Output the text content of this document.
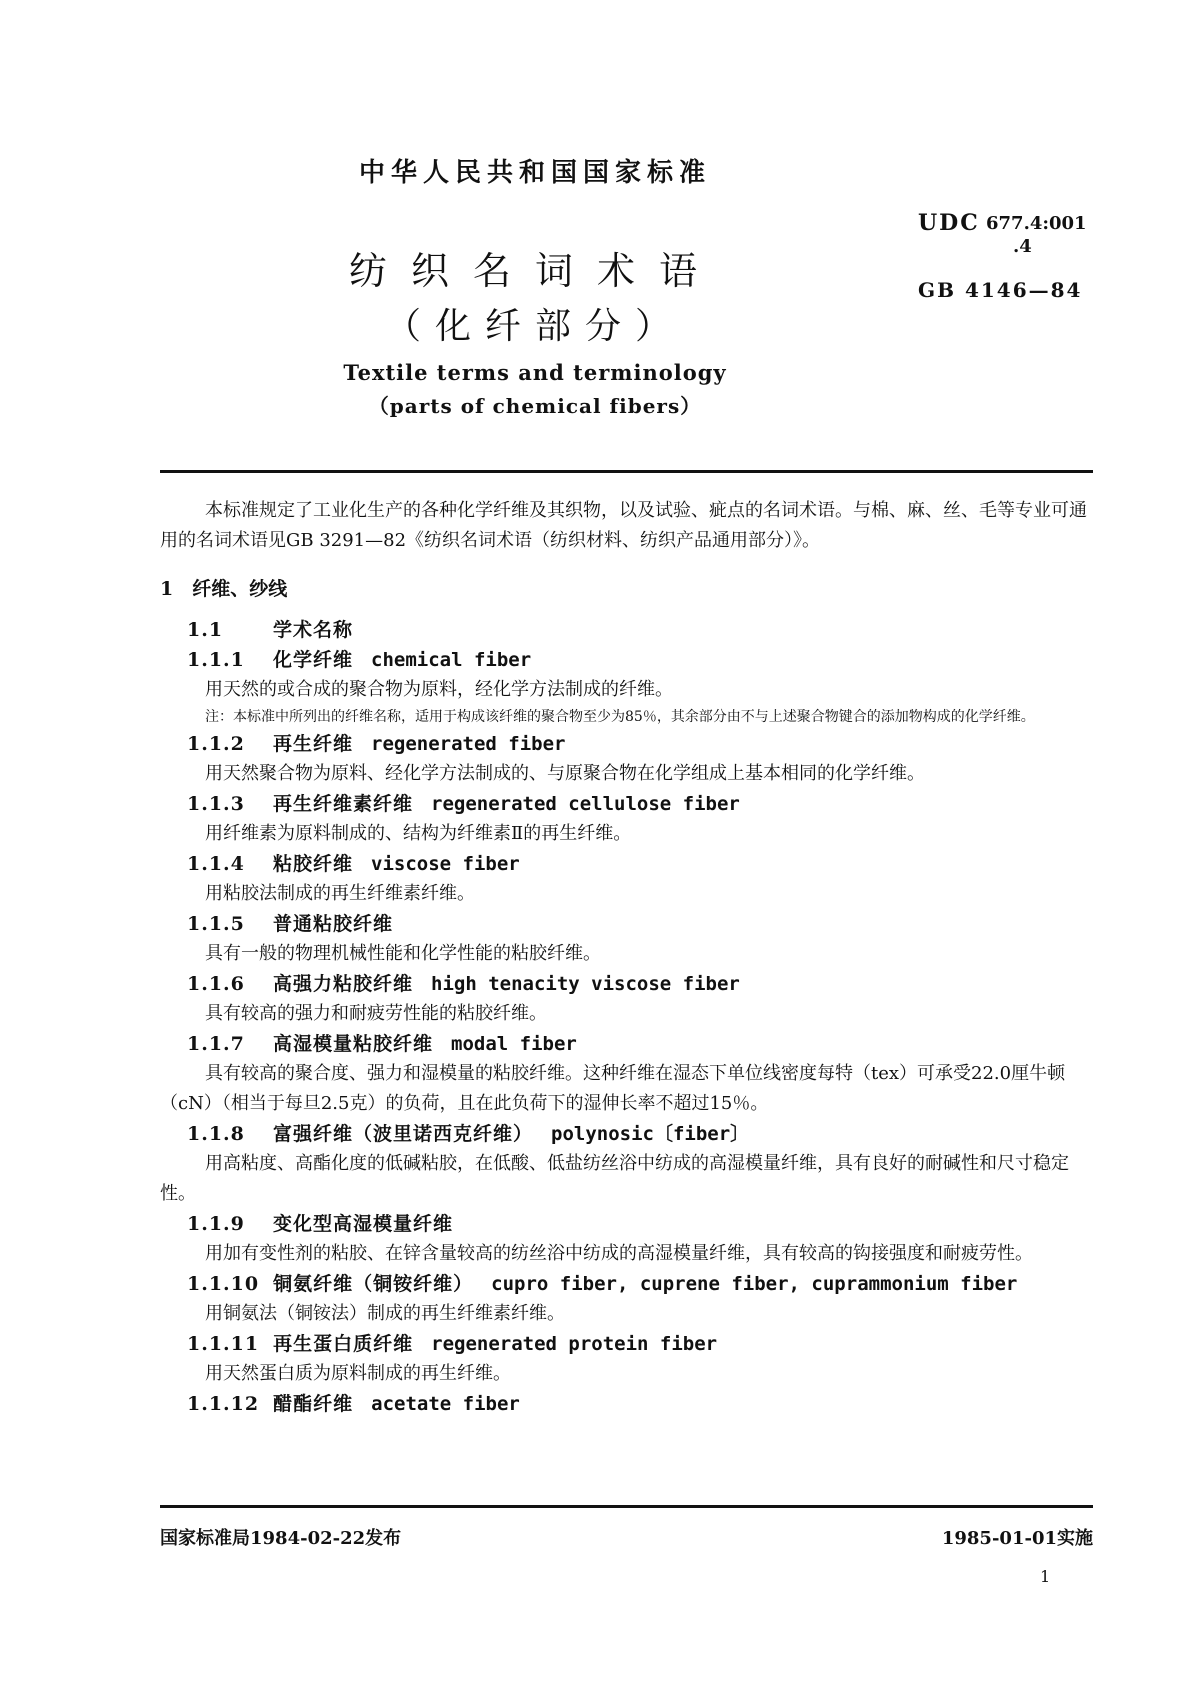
中华人民共和国国家标准
UDC 677.4:001
.4
GB 4146—84
纺织名词术语
（化纤部分）
Textile terms and terminology
（parts of chemical fibers）
本标准规定了工业化生产的各种化学纤维及其织物，以及试验、疵点的名词术语。与棉、麻、丝、毛等专业可通用的名词术语见GB 3291—82《纺织名词术语（纺织材料、纺织产品通用部分）》。
1　纤维、纱线
1.1	学术名称
1.1.1 化学纤维 chemical fiber
用天然的或合成的聚合物为原料，经化学方法制成的纤维。
注：本标准中所列出的纤维名称，适用于构成该纤维的聚合物至少为85％，其余部分由不与上述聚合物键合的添加物构成的化学纤维。
1.1.2 再生纤维 regenerated fiber
用天然聚合物为原料、经化学方法制成的、与原聚合物在化学组成上基本相同的化学纤维。
1.1.3 再生纤维素纤维 regenerated cellulose fiber
用纤维素为原料制成的、结构为纤维素Ⅱ的再生纤维。
1.1.4 粘胶纤维 viscose fiber
用粘胶法制成的再生纤维素纤维。
1.1.5 普通粘胶纤维
具有一般的物理机械性能和化学性能的粘胶纤维。
1.1.6 高强力粘胶纤维 high tenacity viscose fiber
具有较高的强力和耐疲劳性能的粘胶纤维。
1.1.7 高湿模量粘胶纤维 modal fiber
具有较高的聚合度、强力和湿模量的粘胶纤维。这种纤维在湿态下单位线密度每特（tex）可承受22.0厘牛顿（cN）（相当于每旦2.5克）的负荷，且在此负荷下的湿伸长率不超过15％。
1.1.8 富强纤维（波里诺西克纤维） polynosic〔fiber〕
用高粘度、高酯化度的低碱粘胶，在低酸、低盐纺丝浴中纺成的高湿模量纤维，具有良好的耐碱性和尺寸稳定性。
1.1.9 变化型高湿模量纤维
用加有变性剂的粘胶、在锌含量较高的纺丝浴中纺成的高湿模量纤维，具有较高的钩接强度和耐疲劳性。
1.1.10 铜氨纤维（铜铵纤维） cupro fiber, cuprene fiber, cuprammonium fiber
用铜氨法（铜铵法）制成的再生纤维素纤维。
1.1.11 再生蛋白质纤维 regenerated protein fiber
用天然蛋白质为原料制成的再生纤维。
1.1.12 醋酯纤维 acetate fiber
国家标准局1984-02-22发布	1985-01-01实施
1
